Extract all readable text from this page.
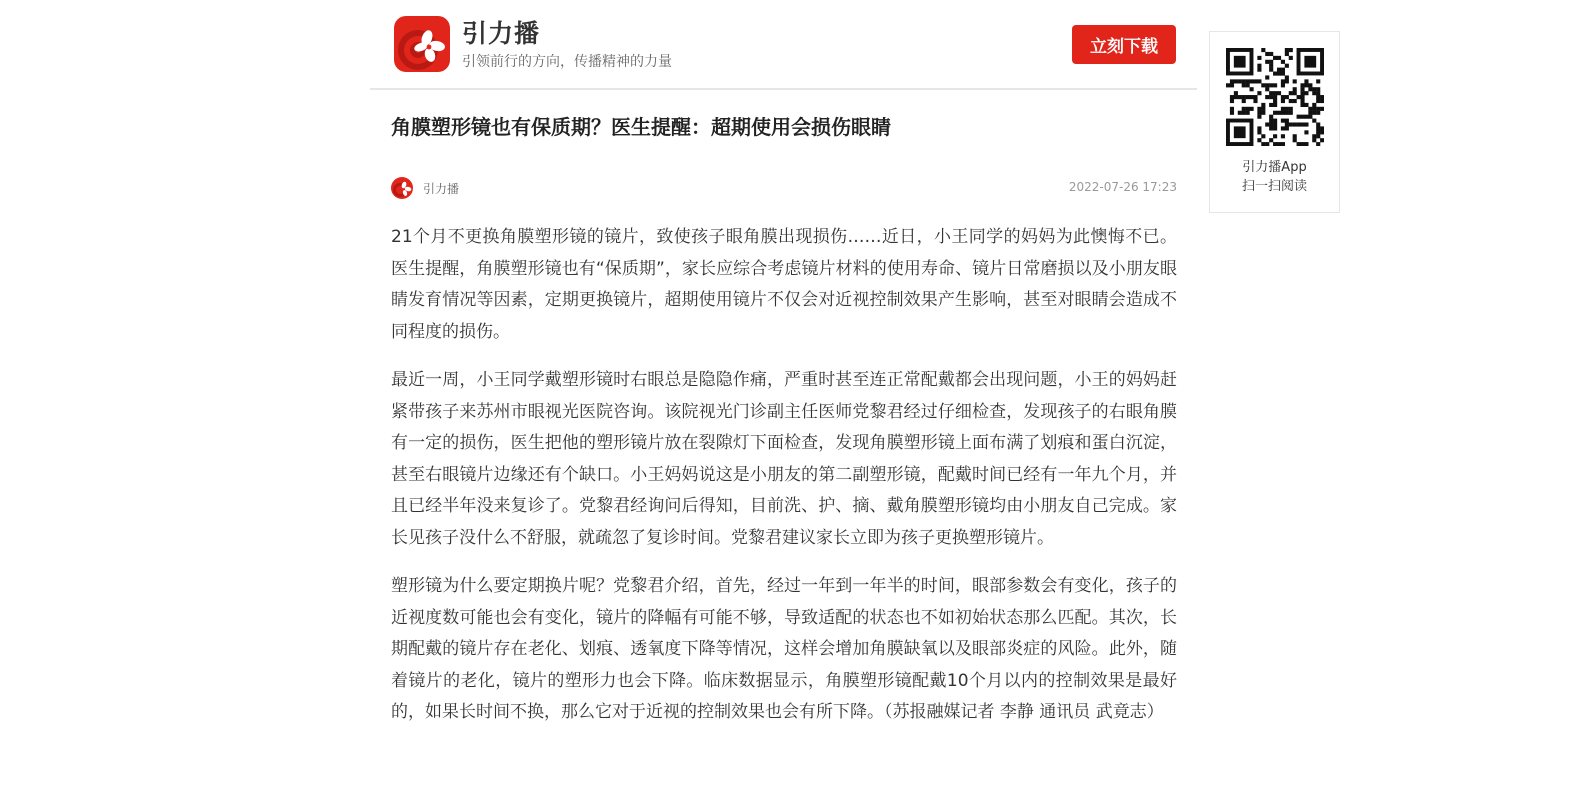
引力播
引领前行的方向，传播精神的力量
立刻下载
角膜塑形镜也有保质期？医生提醒：超期使用会损伤眼睛
引力播	2022-07-26 17:23

21个月不更换角膜塑形镜的镜片，致使孩子眼角膜出现损伤……近日，小王同学的妈妈为此懊悔不已。医生提醒，角膜塑形镜也有“保质期”，家长应综合考虑镜片材料的使用寿命、镜片日常磨损以及小朋友眼睛发育情况等因素，定期更换镜片，超期使用镜片不仅会对近视控制效果产生影响，甚至对眼睛会造成不同程度的损伤。

最近一周，小王同学戴塑形镜时右眼总是隐隐作痛，严重时甚至连正常配戴都会出现问题，小王的妈妈赶紧带孩子来苏州市眼视光医院咨询。该院视光门诊副主任医师党黎君经过仔细检查，发现孩子的右眼角膜有一定的损伤，医生把他的塑形镜片放在裂隙灯下面检查，发现角膜塑形镜上面布满了划痕和蛋白沉淀，甚至右眼镜片边缘还有个缺口。小王妈妈说这是小朋友的第二副塑形镜，配戴时间已经有一年九个月，并且已经半年没来复诊了。党黎君经询问后得知，目前洗、护、摘、戴角膜塑形镜均由小朋友自己完成。家长见孩子没什么不舒服，就疏忽了复诊时间。党黎君建议家长立即为孩子更换塑形镜片。

塑形镜为什么要定期换片呢？党黎君介绍，首先，经过一年到一年半的时间，眼部参数会有变化，孩子的近视度数可能也会有变化，镜片的降幅有可能不够，导致适配的状态也不如初始状态那么匹配。其次，长期配戴的镜片存在老化、划痕、透氧度下降等情况，这样会增加角膜缺氧以及眼部炎症的风险。此外，随着镜片的老化，镜片的塑形力也会下降。临床数据显示，角膜塑形镜配戴10个月以内的控制效果是最好的，如果长时间不换，那么它对于近视的控制效果也会有所下降。（苏报融媒记者 李静 通讯员 武竟志）

引力播App
扫一扫阅读
